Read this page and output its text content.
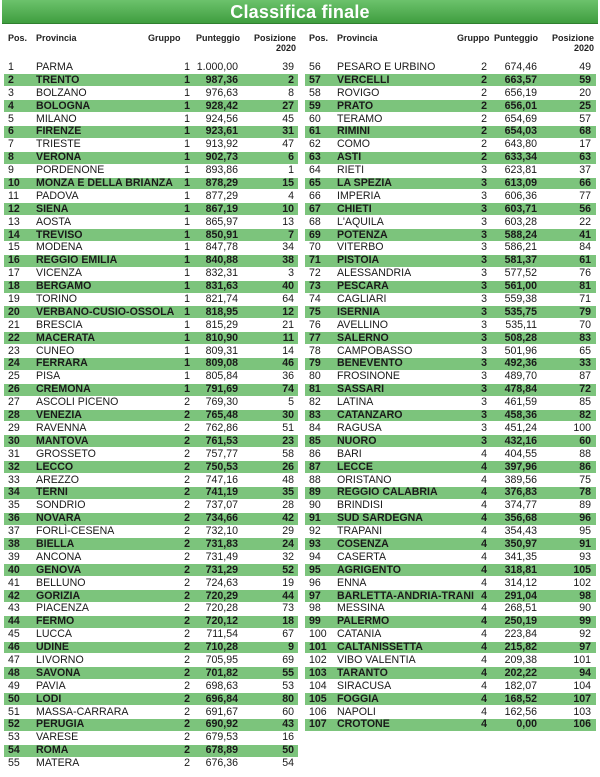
Classifica finale
Pos. Provincia	Gruppo Punteggio Posizione
2020
1 PARMA	1 1.000,00	39
2 TRENTO	1	987,36	2
3 BOLZANO	1	976,63	8
4 BOLOGNA	1	928,42	27
5 MILANO	1	924,56	45
6 FIRENZE	1	923,61	31
7 TRIESTE	1	913,92	47
8 VERONA	1	902,73	6
9 PORDENONE	1	893,86	1
10 MONZA E DELLA BRIANZA	1	878,29	15
11 PADOVA	1	877,29	4
12 SIENA	1	867,19	10
13 AOSTA	1	865,97	13
14 TREVISO	1	850,91	7
15 MODENA	1	847,78	34
16 REGGIO EMILIA	1	840,88	38
17 VICENZA	1	832,31	3
18 BERGAMO	1	831,63	40
19 TORINO	1	821,74	64
20 VERBANO-CUSIO-OSSOLA 1	818,95	12
21 BRESCIA	1	815,29	21
22 MACERATA	1	810,90	11
23 CUNEO	1	809,31	14
24 FERRARA	1	809,08	46
25 PISA	1	805,84	36
26 CREMONA	1	791,69	74
27 ASCOLI PICENO	2	769,30	5
28 VENEZIA	2	765,48	30
29 RAVENNA	2	762,86	51
30 MANTOVA	2	761,53	23
31 GROSSETO	2	757,77	58
32 LECCO	2	750,53	26
33 AREZZO	2	747,16	48
34 TERNI	2	741,19	35
35 SONDRIO	2	737,07	28
36 NOVARA	2	734,66	42
37 FORLÌ-CESENA	2	732,10	29
38 BIELLA	2	731,83	24
39 ANCONA	2	731,49	32
40 GENOVA	2	731,29	52
41 BELLUNO	2	724,63	19
42 GORIZIA	2	720,29	44
43 PIACENZA	2	720,28	73
44 FERMO	2	720,12	18
45 LUCCA	2	711,54	67
46 UDINE	2	710,28	9
47 LIVORNO	2	705,95	69
48 SAVONA	2	701,82	55
49 PAVIA	2	698,63	53
50 LODI	2	696,84	80
51 MASSA-CARRARA	2	691,67	60
52 PERUGIA	2	690,92	43
53 VARESE	2	679,53	16
54 ROMA	2	678,89	50
55 MATERA	2	676,36	54
Pos. Provincia	Gruppo Punteggio	Posizione
2020
56 PESARO E URBINO	2	674,46	49
57 VERCELLI	2	663,57	59
58 ROVIGO	2	656,19	20
59 PRATO	2	656,01	25
60 TERAMO	2	654,69	57
61 RIMINI	2	654,03	68
62 COMO	2	643,80	17
63 ASTI	2	633,34	63
64 RIETI	3	623,81	37
65 LA SPEZIA	3	613,09	66
66 IMPERIA	3	606,36	77
67 CHIETI	3	603,71	56
68 L'AQUILA	3	603,28	22
69 POTENZA	3	588,24	41
70 VITERBO	3	586,21	84
71 PISTOIA	3	581,37	61
72 ALESSANDRIA	3	577,52	76
73 PESCARA	3	561,00	81
74 CAGLIARI	3	559,38	71
75 ISERNIA	3	535,75	79
76 AVELLINO	3	535,11	70
77 SALERNO	3	508,28	83
78 CAMPOBASSO	3	501,96	65
79 BENEVENTO	3	492,36	33
80 FROSINONE	3	489,70	87
81 SASSARI	3	478,84	72
82 LATINA	3	461,59	85
83 CATANZARO	3	458,36	82
84 RAGUSA	3	451,24	100
85 NUORO	3	432,16	60
86 BARI	4	404,55	88
87 LECCE	4	397,96	86
88 ORISTANO	4	389,56	75
89 REGGIO CALABRIA	4	376,83	78
90 BRINDISI	4	374,77	89
91 SUD SARDEGNA	4	356,68	96
92 TRAPANI	4	354,43	95
93 COSENZA	4	350,97	91
94 CASERTA	4	341,35	93
95 AGRIGENTO	4	318,81	105
96 ENNA	4	314,12	102
97 BARLETTA-ANDRIA-TRANI 4	291,04	98
98 MESSINA	4	268,51	90
99 PALERMO	4	250,19	99
100 CATANIA	4	223,84	92
101 CALTANISSETTA	4	215,82	97
102 VIBO VALENTIA	4	209,38	101
103 TARANTO	4	202,22	94
104 SIRACUSA	4	182,07	104
105 FOGGIA	4	168,52	107
106 NAPOLI	4	162,56	103
107 CROTONE	4	0,00	106
